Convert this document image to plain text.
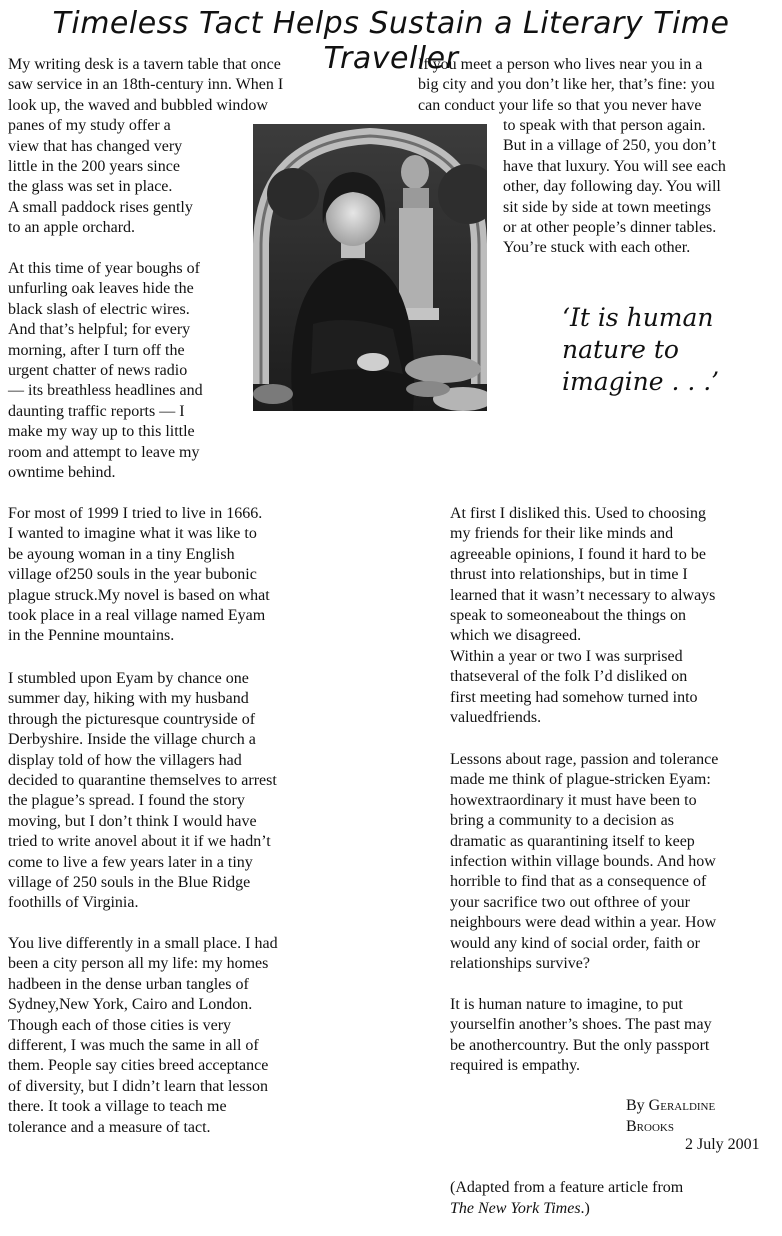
Timeless Tact Helps Sustain a Literary Time Traveller
My writing desk is a tavern table that once
saw service in an 18th-century inn. When I
look up, the waved and bubbled window
panes of my study offer a
view that has changed very
little in the 200 years since
the glass was set in place.
A small paddock rises gently
to an apple orchard.
At this time of year boughs of
unfurling oak leaves hide the
black slash of electric wires.
And that’s helpful; for every
morning, after I turn off the
urgent chatter of news radio
— its breathless headlines and
daunting traffic reports — I
make my way up to this little
room and attempt to leave my
owntime behind.
For most of 1999 I tried to live in 1666.
I wanted to imagine what it was like to
be ayoung woman in a tiny English
village of250 souls in the year bubonic
plague struck.My novel is based on what
took place in a real village named Eyam
in the Pennine mountains.
I stumbled upon Eyam by chance one
summer day, hiking with my husband
through the picturesque countryside of
Derbyshire. Inside the village church a
display told of how the villagers had
decided to quarantine themselves to arrest
the plague’s spread. I found the story
moving, but I don’t think I would have
tried to write anovel about it if we hadn’t
come to live a few years later in a tiny
village of 250 souls in the Blue Ridge
foothills of Virginia.
You live differently in a small place. I had
been a city person all my life: my homes
hadbeen in the dense urban tangles of
Sydney,New York, Cairo and London.
Though each of those cities is very
different, I was much the same in all of
them. People say cities breed acceptance
of diversity, but I didn’t learn that lesson
there. It took a village to teach me
tolerance and a measure of tact.
If you meet a person who lives near you in a
big city and you don’t like her, that’s fine: you
can conduct your life so that you never have
to speak with that person again.
But in a village of 250, you don’t
have that luxury. You will see each
other, day following day. You will
sit side by side at town meetings
or at other people’s dinner tables.
You’re stuck with each other.
‘It is human
nature to
imagine . . .’
At first I disliked this. Used to choosing
my friends for their like minds and
agreeable opinions, I found it hard to be
thrust into relationships, but in time I
learned that it wasn’t necessary to always
speak to someoneabout the things on
which we disagreed.
Within a year or two I was surprised
thatseveral of the folk I’d disliked on
first meeting had somehow turned into
valuedfriends.
Lessons about rage, passion and tolerance
made me think of plague-stricken Eyam:
howextraordinary it must have been to
bring a community to a decision as
dramatic as quarantining itself to keep
infection within village bounds. And how
horrible to find that as a consequence of
your sacrifice two out ofthree of your
neighbours were dead within a year. How
would any kind of social order, faith or
relationships survive?
It is human nature to imagine, to put
yourselfin another’s shoes. The past may
be anothercountry. But the only passport
required is empathy.
By Geraldine
Brooks
2 July 2001
(Adapted from a feature article from
The New York Times.)
